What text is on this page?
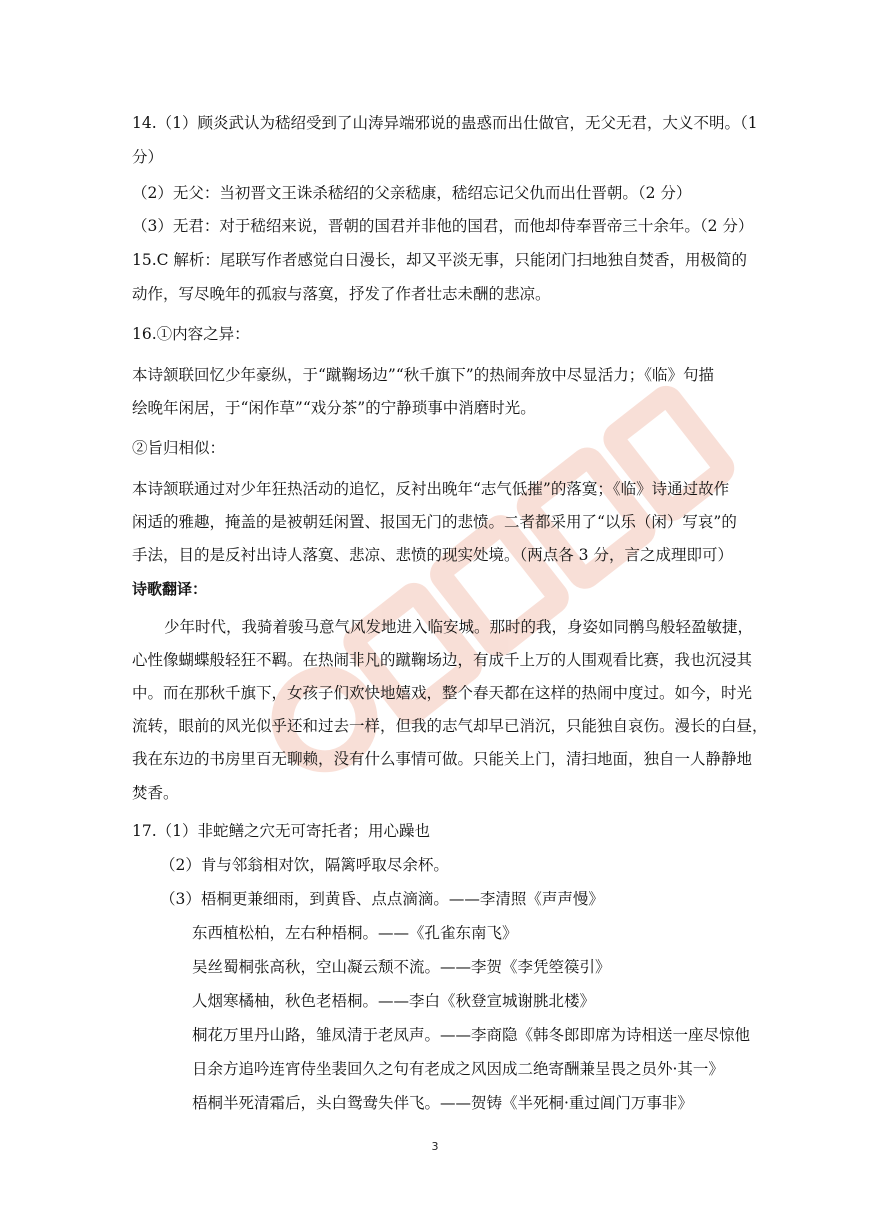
14.（1）顾炎武认为嵇绍受到了山涛异端邪说的蛊惑而出仕做官，无父无君，大义不明。（1
分）
（2）无父：当初晋文王诛杀嵇绍的父亲嵇康，嵇绍忘记父仇而出仕晋朝。（2 分）
（3）无君：对于嵇绍来说，晋朝的国君并非他的国君，而他却侍奉晋帝三十余年。（2 分）
15.C 解析：尾联写作者感觉白日漫长，却又平淡无事，只能闭门扫地独自焚香，用极简的
动作，写尽晚年的孤寂与落寞，抒发了作者壮志未酬的悲凉。
16.①内容之异：
本诗颔联回忆少年豪纵，于“蹴鞠场边”“秋千旗下”的热闹奔放中尽显活力；《临》句描
绘晚年闲居，于“闲作草”“戏分茶”的宁静琐事中消磨时光。
②旨归相似：
本诗颔联通过对少年狂热活动的追忆，反衬出晚年“志气低摧”的落寞；《临》诗通过故作
闲适的雅趣，掩盖的是被朝廷闲置、报国无门的悲愤。二者都采用了“以乐（闲）写哀”的
手法，目的是反衬出诗人落寞、悲凉、悲愤的现实处境。（两点各 3 分，言之成理即可）
诗歌翻译：
少年时代，我骑着骏马意气风发地进入临安城。那时的我，身姿如同鹘鸟般轻盈敏捷，
心性像蝴蝶般轻狂不羁。在热闹非凡的蹴鞠场边，有成千上万的人围观看比赛，我也沉浸其
中。而在那秋千旗下，女孩子们欢快地嬉戏，整个春天都在这样的热闹中度过。如今，时光
流转，眼前的风光似乎还和过去一样，但我的志气却早已消沉，只能独自哀伤。漫长的白昼，
我在东边的书房里百无聊赖，没有什么事情可做。只能关上门，清扫地面，独自一人静静地
焚香。
17.（1）非蛇鳝之穴无可寄托者；用心躁也
（2）肯与邻翁相对饮，隔篱呼取尽余杯。
（3）梧桐更兼细雨，到黄昏、点点滴滴。——李清照《声声慢》
东西植松柏，左右种梧桐。——《孔雀东南飞》
吴丝蜀桐张高秋，空山凝云颓不流。——李贺《李凭箜篌引》
人烟寒橘柚，秋色老梧桐。——李白《秋登宣城谢朓北楼》
桐花万里丹山路，雏凤清于老凤声。——李商隐《韩冬郎即席为诗相送一座尽惊他
日余方追吟连宵侍坐裴回久之句有老成之风因成二绝寄酬兼呈畏之员外·其一》
梧桐半死清霜后，头白鸳鸯失伴飞。——贺铸《半死桐·重过阊门万事非》
3
